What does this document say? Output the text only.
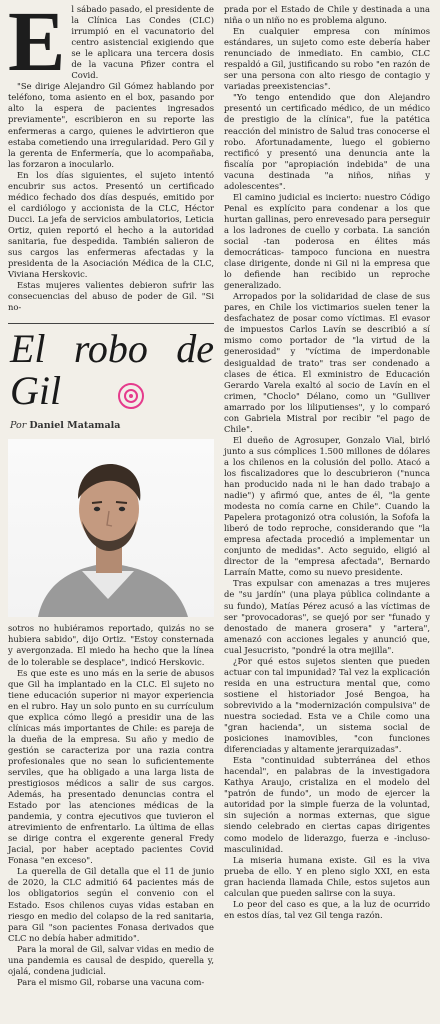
E l sábado pasado, el presidente de la Clínica Las Condes (CLC) irrumpió en el vacunatorio del centro asistencial exigiendo que se le aplicara una tercera dosis de la vacuna Pfizer contra el Covid.

"Se dirige Alejandro Gil Gómez hablando por teléfono, toma asiento en el box, pasando por alto la espera de pacientes ingresados previamente", escribieron en su reporte las enfermeras a cargo, quienes le advirtieron que estaba cometiendo una irregularidad. Pero Gil y la gerenta de Enfermería, que lo acompañaba, las forzaron a inocularlo.

En los días siguientes, el sujeto intentó encubrir sus actos. Presentó un certificado médico fechado dos días después, emitido por el cardiólogo y accionista de la CLC, Héctor Ducci. La jefa de servicios ambulatorios, Leticia Ortiz, quien reportó el hecho a la autoridad sanitaria, fue despedida. También salieron de sus cargos las enfermeras afectadas y la presidenta de la Asociación Médica de la CLC, Viviana Herskovic.

Estas mujeres valientes debieron sufrir las consecuencias del abuso de poder de Gil. "Si no-

El robo de Gil
Por Daniel Matamala

sotros no hubiéramos reportado, quizás no se hubiera sabido", dijo Ortiz. "Estoy consternada y avergonzada. El miedo ha hecho que la línea de lo tolerable se desplace", indicó Herskovic.

Es que este es uno más en la serie de abusos que Gil ha implantado en la CLC. El sujeto no tiene educación superior ni mayor experiencia en el rubro. Hay un solo punto en su currículum que explica cómo llegó a presidir una de las clínicas más importantes de Chile: es pareja de la dueña de la empresa. Su año y medio de gestión se caracteriza por una razia contra profesionales que no sean lo suficientemente serviles, que ha obligado a una larga lista de prestigiosos médicos a salir de sus cargos. Además, ha presentado denuncias contra el Estado por las atenciones médicas de la pandemia, y contra ejecutivos que tuvieron el atrevimiento de enfrentarlo. La última de ellas se dirige contra el exgerente general Fredy Jacial, por haber aceptado pacientes Covid Fonasa "en exceso".

La querella de Gil detalla que el 11 de junio de 2020, la CLC admitió 64 pacientes más de los obligatorios según el convenio con el Estado. Esos chilenos cuyas vidas estaban en riesgo en medio del colapso de la red sanitaria, para Gil "son pacientes Fonasa derivados que CLC no debía haber admitido".

Para la moral de Gil, salvar vidas en medio de una pandemia es causal de despido, querella y, ojalá, condena judicial.

Para el mismo Gil, robarse una vacuna com-

prada por el Estado de Chile y destinada a una niña o un niño no es problema alguno.

En cualquier empresa con mínimos estándares, un sujeto como este debería haber renunciado de inmediato. En cambio, CLC respaldó a Gil, justificando su robo "en razón de ser una persona con alto riesgo de contagio y variadas preexistencias".

"Yo tengo entendido que don Alejandro presentó un certificado médico, de un médico de prestigio de la clínica", fue la patética reacción del ministro de Salud tras conocerse el robo. Afortunadamente, luego el gobierno rectificó y presentó una denuncia ante la fiscalía por "apropiación indebida" de una vacuna destinada "a niños, niñas y adolescentes".

El camino judicial es incierto: nuestro Código Penal es explícito para condenar a los que hurtan gallinas, pero enrevesado para perseguir a los ladrones de cuello y corbata. La sanción social -tan poderosa en élites más democráticas- tampoco funciona en nuestra clase dirigente, donde ni Gil ni la empresa que lo defiende han recibido un reproche generalizado.

Arropados por la solidaridad de clase de sus pares, en Chile los victimarios suelen tener la desfachatez de posar como víctimas. El evasor de impuestos Carlos Lavín se describió a sí mismo como portador de "la virtud de la generosidad" y "víctima de imperdonable desigualdad de trato" tras ser condenado a clases de ética. El exministro de Educación Gerardo Varela exaltó al socio de Lavín en el crimen, "Choclo" Délano, como un "Gulliver amarrado por los liliputienses", y lo comparó con Gabriela Mistral por recibir "el pago de Chile".

El dueño de Agrosuper, Gonzalo Vial, birló junto a sus cómplices 1.500 millones de dólares a los chilenos en la colusión del pollo. Atacó a los fiscalizadores que lo descubrieron ("nunca han producido nada ni le han dado trabajo a nadie") y afirmó que, antes de él, "la gente modesta no comía carne en Chile". Cuando la Papelera protagonizó otra colusión, la Sofofa la liberó de todo reproche, considerando que "la empresa afectada procedió a implementar un conjunto de medidas". Acto seguido, eligió al director de la "empresa afectada", Bernardo Larraín Matte, como su nuevo presidente.

Tras expulsar con amenazas a tres mujeres de "su jardín" (una playa pública colindante a su fundo), Matías Pérez acusó a las víctimas de ser "provocadoras", se quejó por ser "funado y denostado de manera grosera" y "artera", amenazó con acciones legales y anunció que, cual Jesucristo, "pondré la otra mejilla".

¿Por qué estos sujetos sienten que pueden actuar con tal impunidad? Tal vez la explicación resida en una estructura mental que, como sostiene el historiador José Bengoa, ha sobrevivido a la "modernización compulsiva" de nuestra sociedad. Esta ve a Chile como una "gran hacienda", un sistema social de posiciones inamovibles, "con funciones diferenciadas y altamente jerarquizadas".

Esta "continuidad subterránea del ethos hacendal", en palabras de la investigadora Kathya Araujo, cristaliza en el modelo del "patrón de fundo", un modo de ejercer la autoridad por la simple fuerza de la voluntad, sin sujeción a normas externas, que sigue siendo celebrado en ciertas capas dirigentes como modelo de liderazgo, fuerza e -incluso- masculinidad.

La miseria humana existe. Gil es la viva prueba de ello. Y en pleno siglo XXI, en esta gran hacienda llamada Chile, estos sujetos aun calculan que pueden salirse con la suya.

Lo peor del caso es que, a la luz de ocurrido en estos días, tal vez Gil tenga razón.
